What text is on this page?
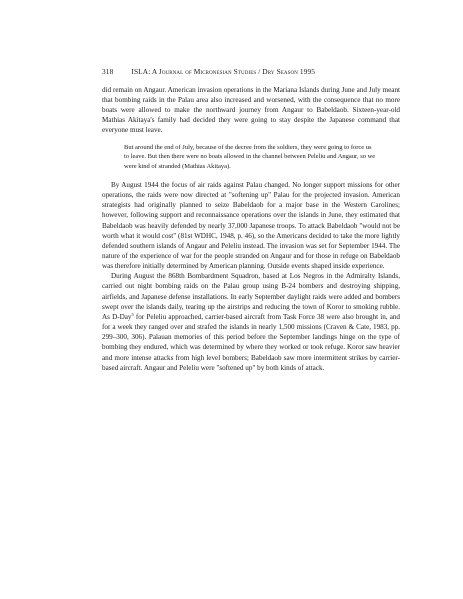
318 ISLA: A Journal of Micronesian Studies / Dry Season 1995

did remain on Angaur. American invasion operations in the Mariana Islands during June and July meant that bombing raids in the Palau area also increased and worsened, with the consequence that no more boats were allowed to make the northward journey from Angaur to Babeldaob. Sixteen-year-old Mathias Akitaya's family had decided they were going to stay despite the Japanese command that everyone must leave.

But around the end of July, because of the decree from the soldiers, they were going to force us to leave. But then there were no boats allowed in the channel between Peleliu and Angaur, so we were kind of stranded (Mathias Akitaya).

By August 1944 the focus of air raids against Palau changed. No longer support missions for other operations, the raids were now directed at "softening up" Palau for the projected invasion. American strategists had originally planned to seize Babeldaob for a major base in the Western Carolines; however, following support and reconnaissance operations over the islands in June, they estimated that Babeldaob was heavily defended by nearly 37,000 Japanese troops. To attack Babeldaob "would not be worth what it would cost" (81st WDHC, 1948, p. 46), so the Americans decided to take the more lightly defended southern islands of Angaur and Peleliu instead. The invasion was set for September 1944. The nature of the experience of war for the people stranded on Angaur and for those in refuge on Babeldaob was therefore initially determined by American planning. Outside events shaped inside experience.

During August the 868th Bombardment Squadron, based at Los Negros in the Admiralty Islands, carried out night bombing raids on the Palau group using B-24 bombers and destroying shipping, airfields, and Japanese defense installations. In early September daylight raids were added and bombers swept over the islands daily, tearing up the airstrips and reducing the town of Koror to smoking rubble. As D-Day$^5$ for Peleliu approached, carrier-based aircraft from Task Force 38 were also brought in, and for a week they ranged over and strafed the islands in nearly 1,500 missions (Craven & Cate, 1983, pp. 299–300, 306). Palauan memories of this period before the September landings hinge on the type of bombing they endured, which was determined by where they worked or took refuge. Koror saw heavier and more intense attacks from high level bombers; Babeldaob saw more intermittent strikes by carrier-based aircraft. Angaur and Peleliu were "softened up" by both kinds of attack.
